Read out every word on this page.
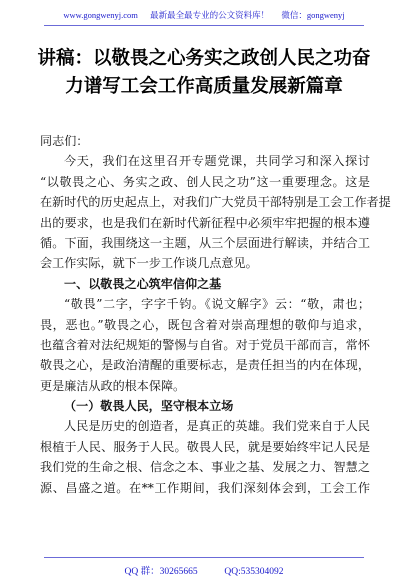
www.gongwenyj.com 最新最全最专业的公文资料库！ 微信：gongwenyj
讲稿：以敬畏之心务实之政创人民之功奋
力谱写工会工作高质量发展新篇章
同志们：
今天，我们在这里召开专题党课，共同学习和深入探讨
“以敬畏之心、务实之政、创人民之功”这一重要理念。这是
在新时代的历史起点上，对我们广大党员干部特别是工会工作者提
出的要求，也是我们在新时代新征程中必须牢牢把握的根本遵
循。下面，我围绕这一主题，从三个层面进行解读，并结合工
会工作实际，就下一步工作谈几点意见。
一、以敬畏之心筑牢信仰之基
“敬畏”二字，字字千钧。《说文解字》云：“敬，肃也；
畏，恶也。”敬畏之心，既包含着对崇高理想的敬仰与追求，
也蕴含着对法纪规矩的警惕与自省。对于党员干部而言，常怀
敬畏之心，是政治清醒的重要标志，是责任担当的内在体现，
更是廉洁从政的根本保障。
（一）敬畏人民，坚守根本立场
人民是历史的创造者，是真正的英雄。我们党来自于人民
根植于人民、服务于人民。敬畏人民，就是要始终牢记人民是
我们党的生命之根、信念之本、事业之基、发展之力、智慧之
源、昌盛之道。在**工作期间，我们深刻体会到，工会工作
QQ 群：30265665	QQ:535304092
